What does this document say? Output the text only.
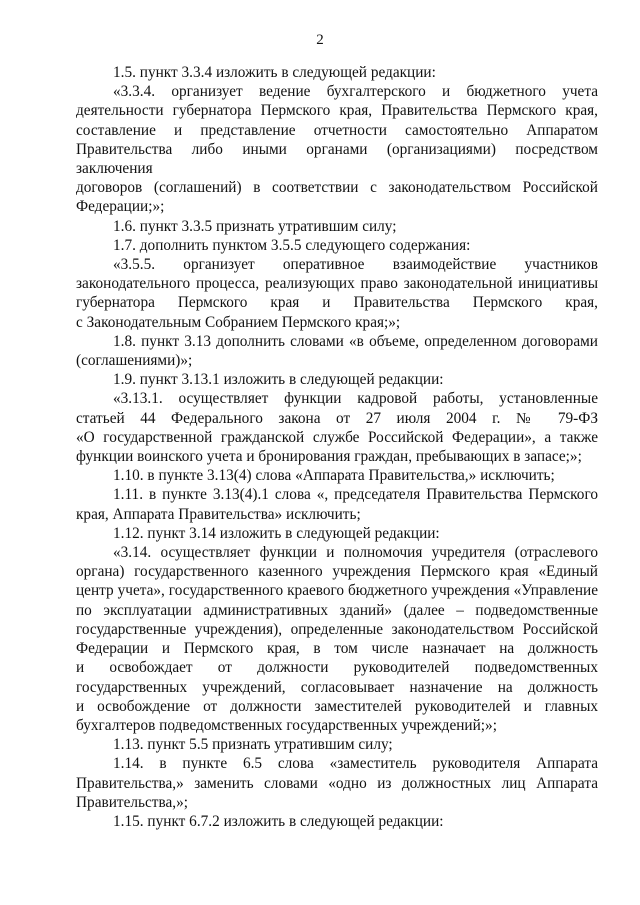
2
1.5. пункт 3.3.4 изложить в следующей редакции:
«3.3.4. организует ведение бухгалтерского и бюджетного учета
деятельности губернатора Пермского края, Правительства Пермского края,
составление и представление отчетности самостоятельно Аппаратом
Правительства либо иными органами (организациями) посредством заключения
договоров (соглашений) в соответствии с законодательством Российской
Федерации;»;
1.6. пункт 3.3.5 признать утратившим силу;
1.7. дополнить пунктом 3.5.5 следующего содержания:
«3.5.5. организует оперативное взаимодействие участников
законодательного процесса, реализующих право законодательной инициативы
губернатора Пермского края и Правительства Пермского края,
с Законодательным Собранием Пермского края;»;
1.8. пункт 3.13 дополнить словами «в объеме, определенном договорами
(соглашениями)»;
1.9. пункт 3.13.1 изложить в следующей редакции:
«3.13.1. осуществляет функции кадровой работы, установленные
статьей 44 Федерального закона от 27 июля 2004 г. № 79-ФЗ
«О государственной гражданской службе Российской Федерации», а также
функции воинского учета и бронирования граждан, пребывающих в запасе;»;
1.10. в пункте 3.13(4) слова «Аппарата Правительства,» исключить;
1.11. в пункте 3.13(4).1 слова «, председателя Правительства Пермского
края, Аппарата Правительства» исключить;
1.12. пункт 3.14 изложить в следующей редакции:
«3.14. осуществляет функции и полномочия учредителя (отраслевого
органа) государственного казенного учреждения Пермского края «Единый
центр учета», государственного краевого бюджетного учреждения «Управление
по эксплуатации административных зданий» (далее – подведомственные
государственные учреждения), определенные законодательством Российской
Федерации и Пермского края, в том числе назначает на должность
и освобождает от должности руководителей подведомственных
государственных учреждений, согласовывает назначение на должность
и освобождение от должности заместителей руководителей и главных
бухгалтеров подведомственных государственных учреждений;»;
1.13. пункт 5.5 признать утратившим силу;
1.14. в пункте 6.5 слова «заместитель руководителя Аппарата
Правительства,» заменить словами «одно из должностных лиц Аппарата
Правительства,»;
1.15. пункт 6.7.2 изложить в следующей редакции:
